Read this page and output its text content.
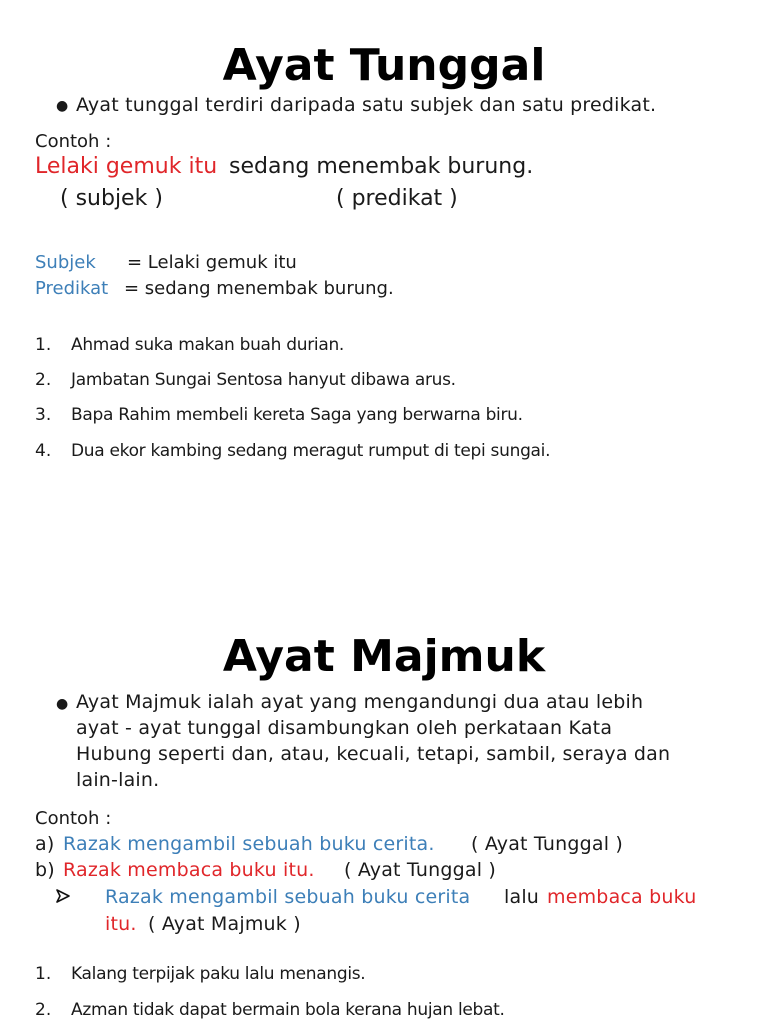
Ayat Tunggal
● Ayat tunggal terdiri daripada satu subjek dan satu predikat.
Contoh :
Lelaki gemuk itu sedang menembak burung.
( subjek )	( predikat )
Subjek = Lelaki gemuk itu
Predikat = sedang menembak burung.
1. Ahmad suka makan buah durian.
2. Jambatan Sungai Sentosa hanyut dibawa arus.
3. Bapa Rahim membeli kereta Saga yang berwarna biru.
4. Dua ekor kambing sedang meragut rumput di tepi sungai.
Ayat Majmuk
● Ayat Majmuk ialah ayat yang mengandungi dua atau lebih
ayat - ayat tunggal disambungkan oleh perkataan Kata
Hubung seperti dan, atau, kecuali, tetapi, sambil, seraya dan
lain-lain.
Contoh :
a) Razak mengambil sebuah buku cerita. ( Ayat Tunggal )
b) Razak membaca buku itu. ( Ayat Tunggal )
Razak mengambil sebuah buku cerita lalu membaca buku
itu. ( Ayat Majmuk )
1. Kalang terpijak paku lalu menangis.
2. Azman tidak dapat bermain bola kerana hujan lebat.
